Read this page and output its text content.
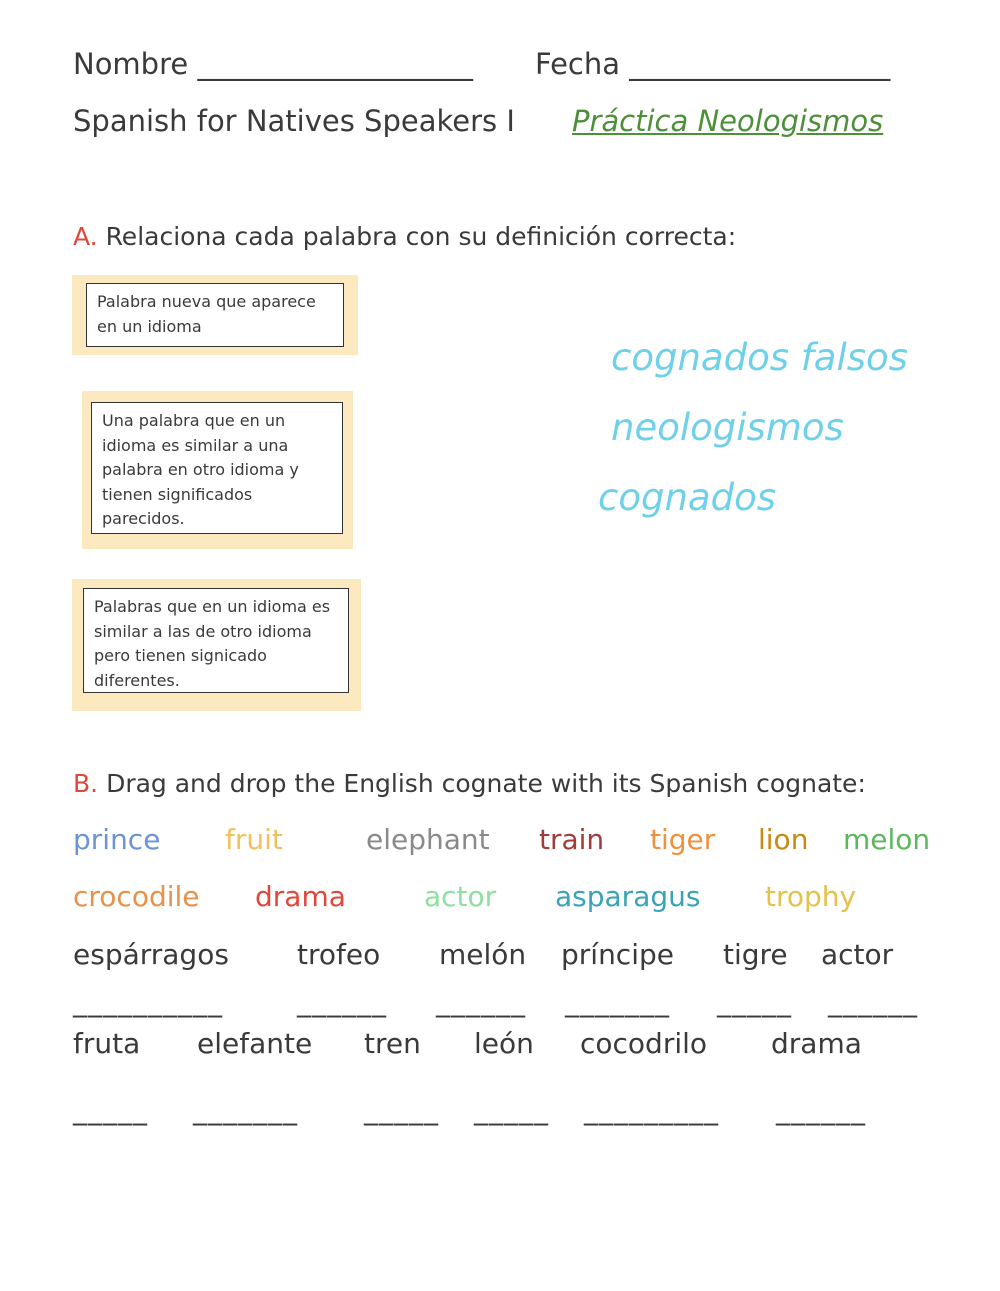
Nombre ___________________ Fecha __________________
Spanish for Natives Speakers I Práctica Neologismos
A. Relaciona cada palabra con su definición correcta:
Palabra nueva que aparece en un idioma
Una palabra que en un idioma es similar a una palabra en otro idioma y tienen significados parecidos.
Palabras que en un idioma es similar a las de otro idioma pero tienen signicado diferentes.
cognados falsos
neologismos
cognados
B. Drag and drop the English cognate with its Spanish cognate:
prince fruit	elephant train tiger lion melon
crocodile drama	actor asparagus trophy
espárragos trofeo melón príncipe tigre actor
__________	______ ______ _______ _____ ______
fruta elefante tren león cocodrilo drama
_____ _______ _____ _____ _________ ______
